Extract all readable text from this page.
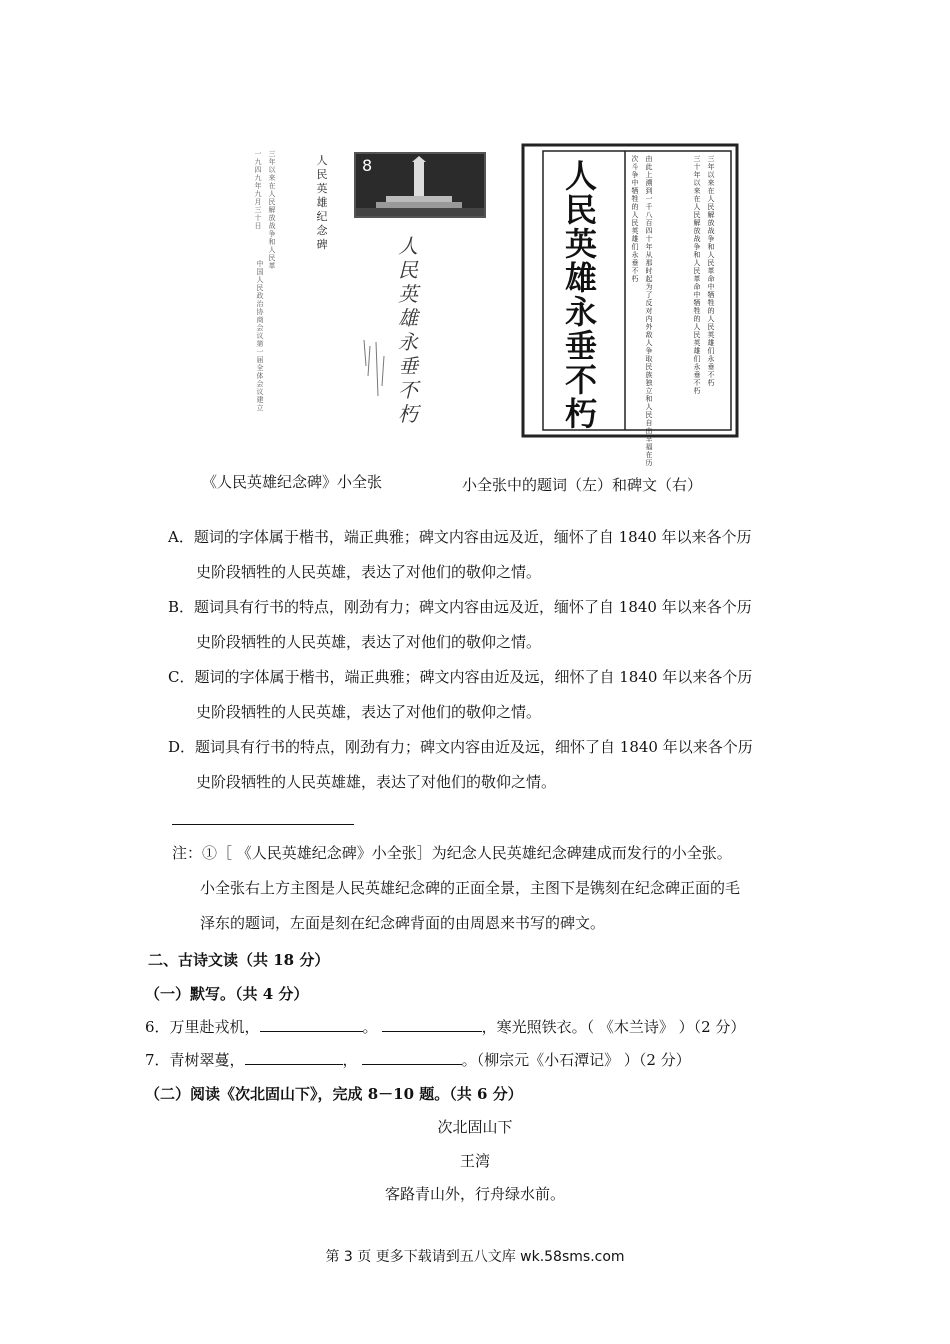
一九四九年九月三十日
三年以来在人民解放战争和人民革
中国人民政治协商会议第一届全体会议建立
人民英雄纪念碑
8
人民英雄永垂不朽
人民英雄永垂不朽
三年以来在人民解放战争和人民革命中牺牲的人民英雄们永垂不朽
三十年以来在人民解放战争和人民革命中牺牲的人民英雄们永垂不朽
由此上溯到一千八百四十年从那时起为了反对内外敌人争取民族独立和人民自由幸福在历
次斗争中牺牲的人民英雄们永垂不朽
《人民英雄纪念碑》小全张	小全张中的题词（左）和碑文（右）
A．题词的字体属于楷书，端正典雅；碑文内容由远及近，缅怀了自 1840 年以来各个历
史阶段牺牲的人民英雄，表达了对他们的敬仰之情。
B．题词具有行书的特点，刚劲有力；碑文内容由远及近，缅怀了自 1840 年以来各个历
史阶段牺牲的人民英雄，表达了对他们的敬仰之情。
C．题词的字体属于楷书，端正典雅；碑文内容由近及远，细怀了自 1840 年以来各个历
史阶段牺牲的人民英雄，表达了对他们的敬仰之情。
D．题词具有行书的特点，刚劲有力；碑文内容由近及远，细怀了自 1840 年以来各个历
史阶段牺牲的人民英雄雄，表达了对他们的敬仰之情。
注：①［ 《人民英雄纪念碑》小全张］为纪念人民英雄纪念碑建成而发行的小全张。
小全张右上方主图是人民英雄纪念碑的正面全景，主图下是镌刻在纪念碑正面的毛
泽东的题词，左面是刻在纪念碑背面的由周恩来书写的碑文。
二、古诗文读（共 18 分）
（一）默写。（共 4 分）
6．万里赴戎机，	。	，寒光照铁衣。（ 《木兰诗》 ）（2 分）
7．青树翠蔓，	，	。（柳宗元《小石潭记》 ）（2 分）
（二）阅读《次北固山下》，完成 8－10 题。（共 6 分）
次北固山下
王湾
客路青山外，行舟绿水前。
第 3 页 更多下载请到五八文库 wk.58sms.com
